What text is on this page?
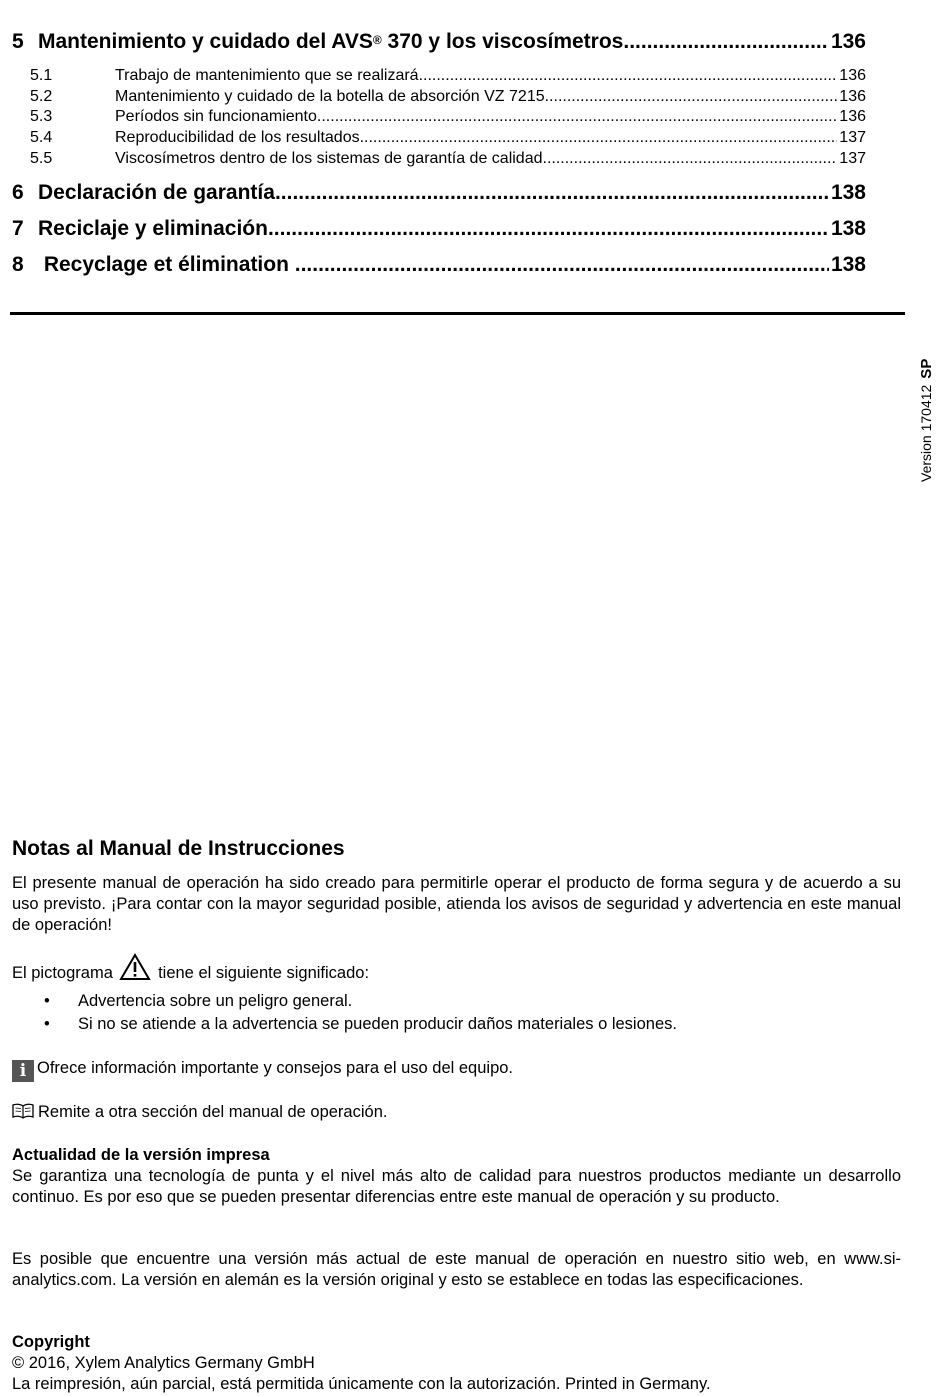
5 Mantenimiento y cuidado del AVS® 370 y los viscosímetros .....	136
5.1	Trabajo de mantenimiento que se realizará .....	136
5.2	Mantenimiento y cuidado de la botella de absorción VZ 7215 .....	136
5.3	Períodos sin funcionamiento .....	136
5.4	Reproducibilidad de los resultados .....	137
5.5	Viscosímetros dentro de los sistemas de garantía de calidad .....	137
6 Declaración de garantía .....	138
7 Reciclaje y eliminación .....	138
8 Recyclage et élimination .....	138
Version 170412SP
Notas al Manual de Instrucciones
El presente manual de operación ha sido creado para permitirle operar el producto de forma segura y de acuerdo a su uso previsto. ¡Para contar con la mayor seguridad posible, atienda los avisos de seguridad y advertencia en este manual de operación!
El pictograma	tiene el siguiente significado:
• Advertencia sobre un peligro general.
• Si no se atiende a la advertencia se pueden producir daños materiales o lesiones.
i Ofrece información importante y consejos para el uso del equipo.
Remite a otra sección del manual de operación.
Actualidad de la versión impresa
Se garantiza una tecnología de punta y el nivel más alto de calidad para nuestros productos mediante un desarrollo continuo. Es por eso que se pueden presentar diferencias entre este manual de operación y su producto.
Es posible que encuentre una versión más actual de este manual de operación en nuestro sitio web, en www.si-analytics.com. La versión en alemán es la versión original y esto se establece en todas las especificaciones.
Copyright
© 2016, Xylem Analytics Germany GmbH
La reimpresión, aún parcial, está permitida únicamente con la autorización. Printed in Germany.
